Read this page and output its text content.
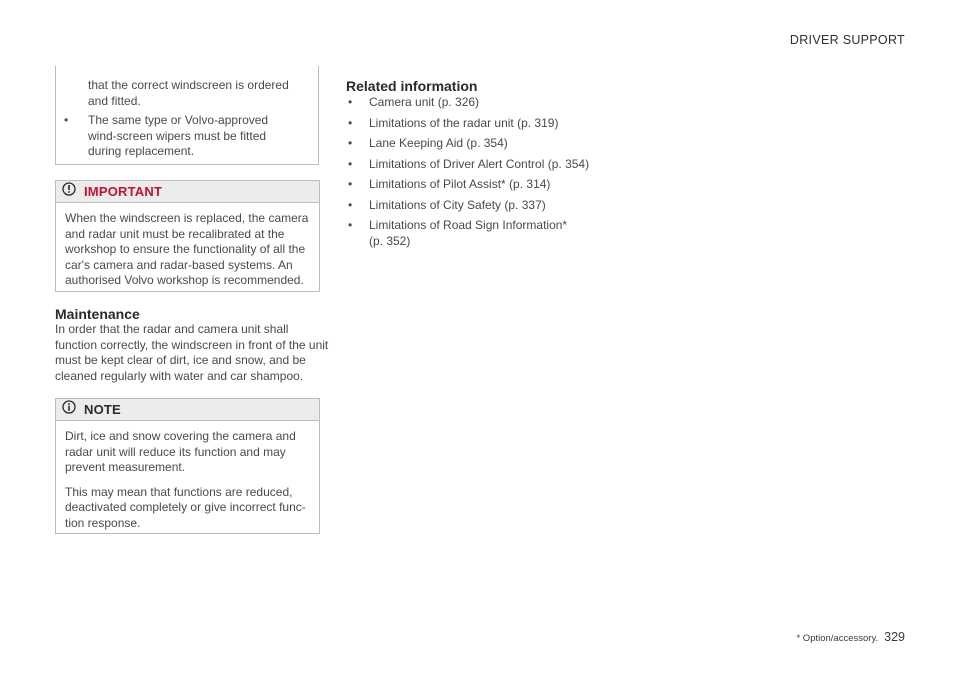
DRIVER SUPPORT
that the correct windscreen is ordered and fitted.
•	The same type or Volvo-approved wind-screen wipers must be fitted during replacement.
IMPORTANT

When the windscreen is replaced, the camera and radar unit must be recalibrated at the workshop to ensure the functionality of all the car's camera and radar-based systems. An authorised Volvo workshop is recommended.

Maintenance
In order that the radar and camera unit shall function correctly, the windscreen in front of the unit must be kept clear of dirt, ice and snow, and be cleaned regularly with water and car shampoo.
NOTE

Dirt, ice and snow covering the camera and radar unit will reduce its function and may prevent measurement.

This may mean that functions are reduced, deactivated completely or give incorrect func-tion response.

Related information
•	Camera unit (p. 326)
•	Limitations of the radar unit (p. 319)
•	Lane Keeping Aid (p. 354)
•	Limitations of Driver Alert Control (p. 354)
•	Limitations of Pilot Assist* (p. 314)
•	Limitations of City Safety (p. 337)
•	Limitations of Road Sign Information* (p. 352)
* Option/accessory. 329
